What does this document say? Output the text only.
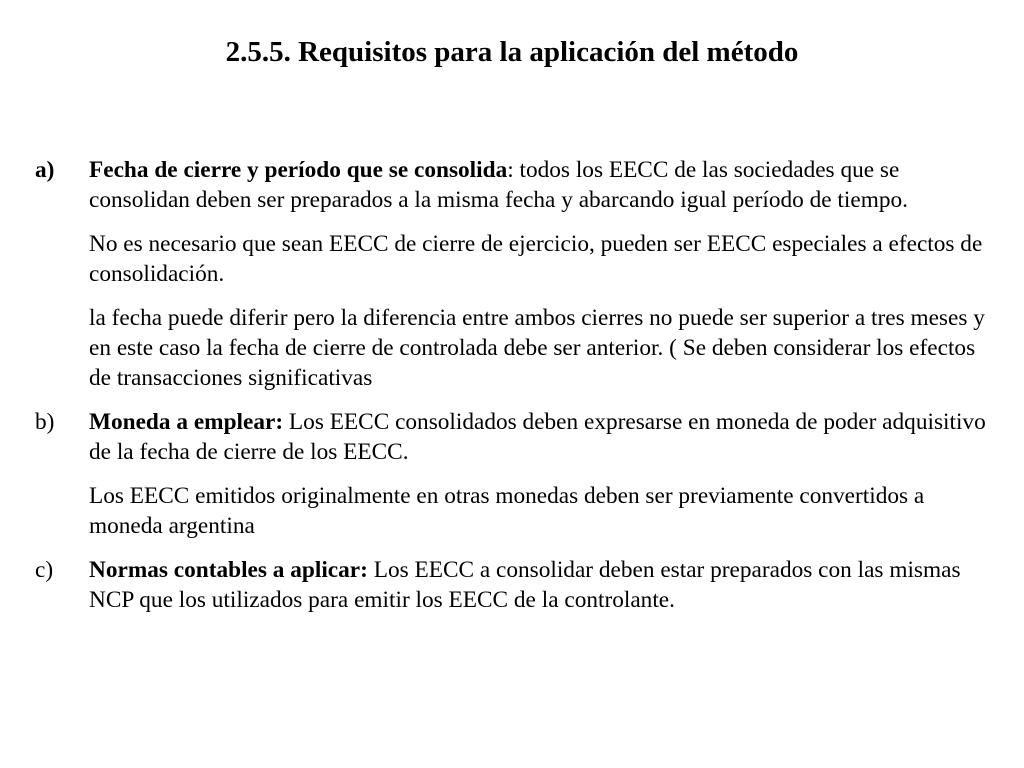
2.5.5. Requisitos para la aplicación del método
a)	Fecha de cierre y período que se consolida: todos los EECC de las sociedades que se consolidan deben ser preparados a la misma fecha y abarcando igual período de tiempo.

No es necesario que sean EECC de cierre de ejercicio, pueden ser EECC especiales a efectos de consolidación.

la fecha puede diferir pero la diferencia entre ambos cierres no puede ser superior a tres meses y en este caso la fecha de cierre de controlada debe ser anterior. ( Se deben considerar los efectos de transacciones significativas

b)	Moneda a emplear: Los EECC consolidados deben expresarse en moneda de poder adquisitivo de la fecha de cierre de los EECC.

Los EECC emitidos originalmente en otras monedas deben ser previamente convertidos a moneda argentina

c)	Normas contables a aplicar: Los EECC a consolidar deben estar preparados con las mismas NCP que los utilizados para emitir los EECC de la controlante.
